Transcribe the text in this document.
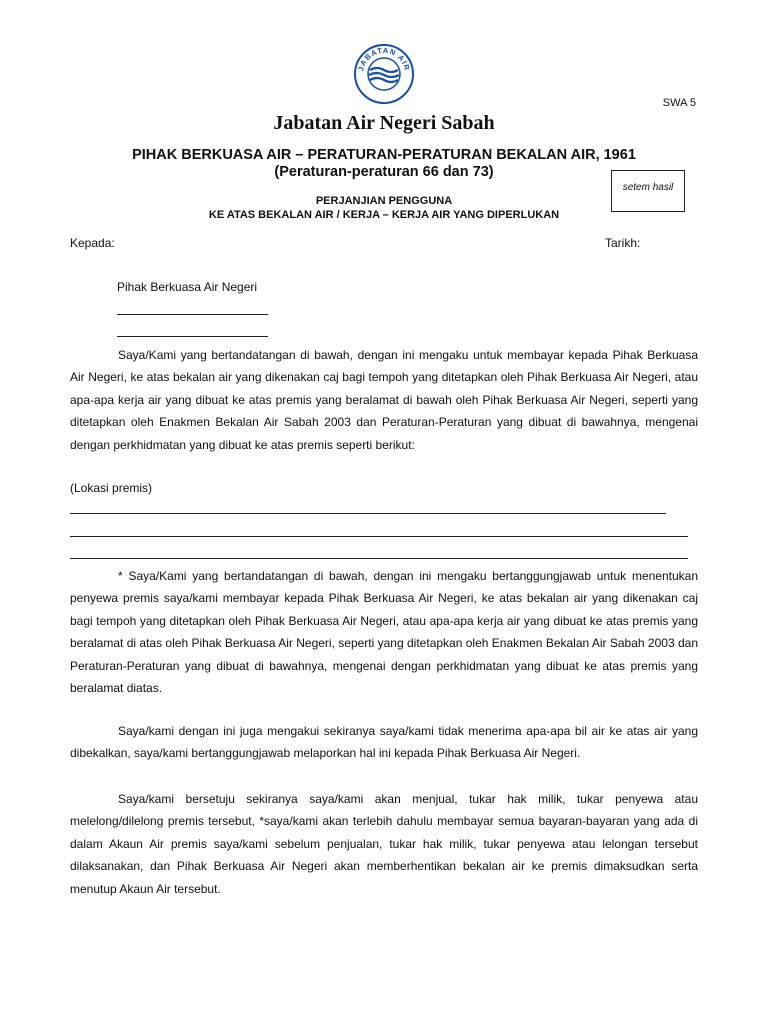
JABATAN AIR
SWA 5
Jabatan Air Negeri Sabah
PIHAK BERKUASA AIR – PERATURAN-PERATURAN BEKALAN AIR, 1961
(Peraturan-peraturan 66 dan 73)
setem hasil
PERJANJIAN PENGGUNA
KE ATAS BEKALAN AIR / KERJA – KERJA AIR YANG DIPERLUKAN
Kepada:	Tarikh:
Pihak Berkuasa Air Negeri

Saya/Kami yang bertandatangan di bawah, dengan ini mengaku untuk membayar kepada Pihak Berkuasa Air Negeri, ke atas bekalan air yang dikenakan caj bagi tempoh yang ditetapkan oleh Pihak Berkuasa Air Negeri, atau apa-apa kerja air yang dibuat ke atas premis yang beralamat di bawah oleh Pihak Berkuasa Air Negeri, seperti yang ditetapkan oleh Enakmen Bekalan Air Sabah 2003 dan Peraturan-Peraturan yang dibuat di bawahnya, mengenai dengan perkhidmatan yang dibuat ke atas premis seperti berikut:

(Lokasi premis)

* Saya/Kami yang bertandatangan di bawah, dengan ini mengaku bertanggungjawab untuk menentukan penyewa premis saya/kami membayar kepada Pihak Berkuasa Air Negeri, ke atas bekalan air yang dikenakan caj bagi tempoh yang ditetapkan oleh Pihak Berkuasa Air Negeri, atau apa-apa kerja air yang dibuat ke atas premis yang beralamat di atas oleh Pihak Berkuasa Air Negeri, seperti yang ditetapkan oleh Enakmen Bekalan Air Sabah 2003 dan Peraturan-Peraturan yang dibuat di bawahnya, mengenai dengan perkhidmatan yang dibuat ke atas premis yang beralamat diatas.

Saya/kami dengan ini juga mengakui sekiranya saya/kami tidak menerima apa-apa bil air ke atas air yang dibekalkan, saya/kami bertanggungjawab melaporkan hal ini kepada Pihak Berkuasa Air Negeri.

Saya/kami bersetuju sekiranya saya/kami akan menjual, tukar hak milik, tukar penyewa atau melelong/dilelong premis tersebut, *saya/kami akan terlebih dahulu membayar semua bayaran-bayaran yang ada di dalam Akaun Air premis saya/kami sebelum penjualan, tukar hak milik, tukar penyewa atau lelongan tersebut dilaksanakan, dan Pihak Berkuasa Air Negeri akan memberhentikan bekalan air ke premis dimaksudkan serta menutup Akaun Air tersebut.
